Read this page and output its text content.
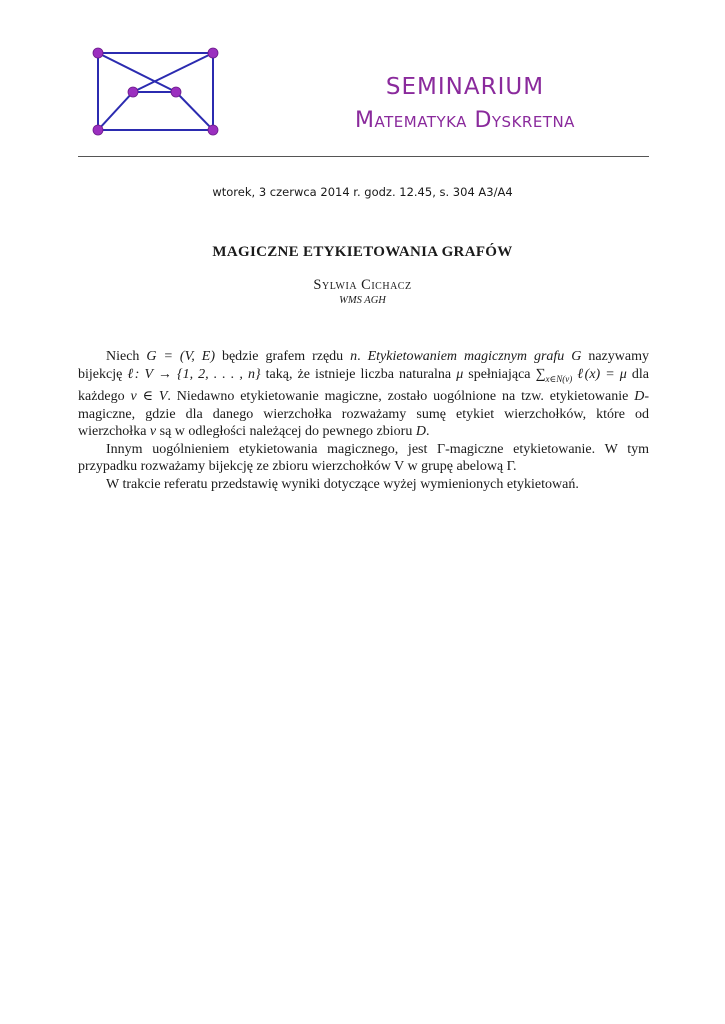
SEMINARIUM
Matematyka Dyskretna
wtorek, 3 czerwca 2014 r. godz. 12.45, s. 304 A3/A4
MAGICZNE ETYKIETOWANIA GRAFÓW
Sylwia Cichacz
WMS AGH

Niech G = (V, E) będzie grafem rzędu n. Etykietowaniem magicznym grafu G nazywamy bijekcję ℓ: V → {1, 2, . . . , n} taką, że istnieje liczba naturalna μ spełniająca $\sum_{x\in N(v)}$ ℓ(x) = μ dla każdego v ∈ V. Niedawno etykietowanie magiczne, zostało uogólnione na tzw. etykietowanie D-magiczne, gdzie dla danego wierzchołka rozważamy sumę etykiet wierzchołków, które od wierzchołka v są w odległości należącej do pewnego zbioru D.

Innym uogólnieniem etykietowania magicznego, jest Γ-magiczne etykietowanie. W tym przypadku rozważamy bijekcję ze zbioru wierzchołków V w grupę abelową Γ.

W trakcie referatu przedstawię wyniki dotyczące wyżej wymienionych etykietowań.
